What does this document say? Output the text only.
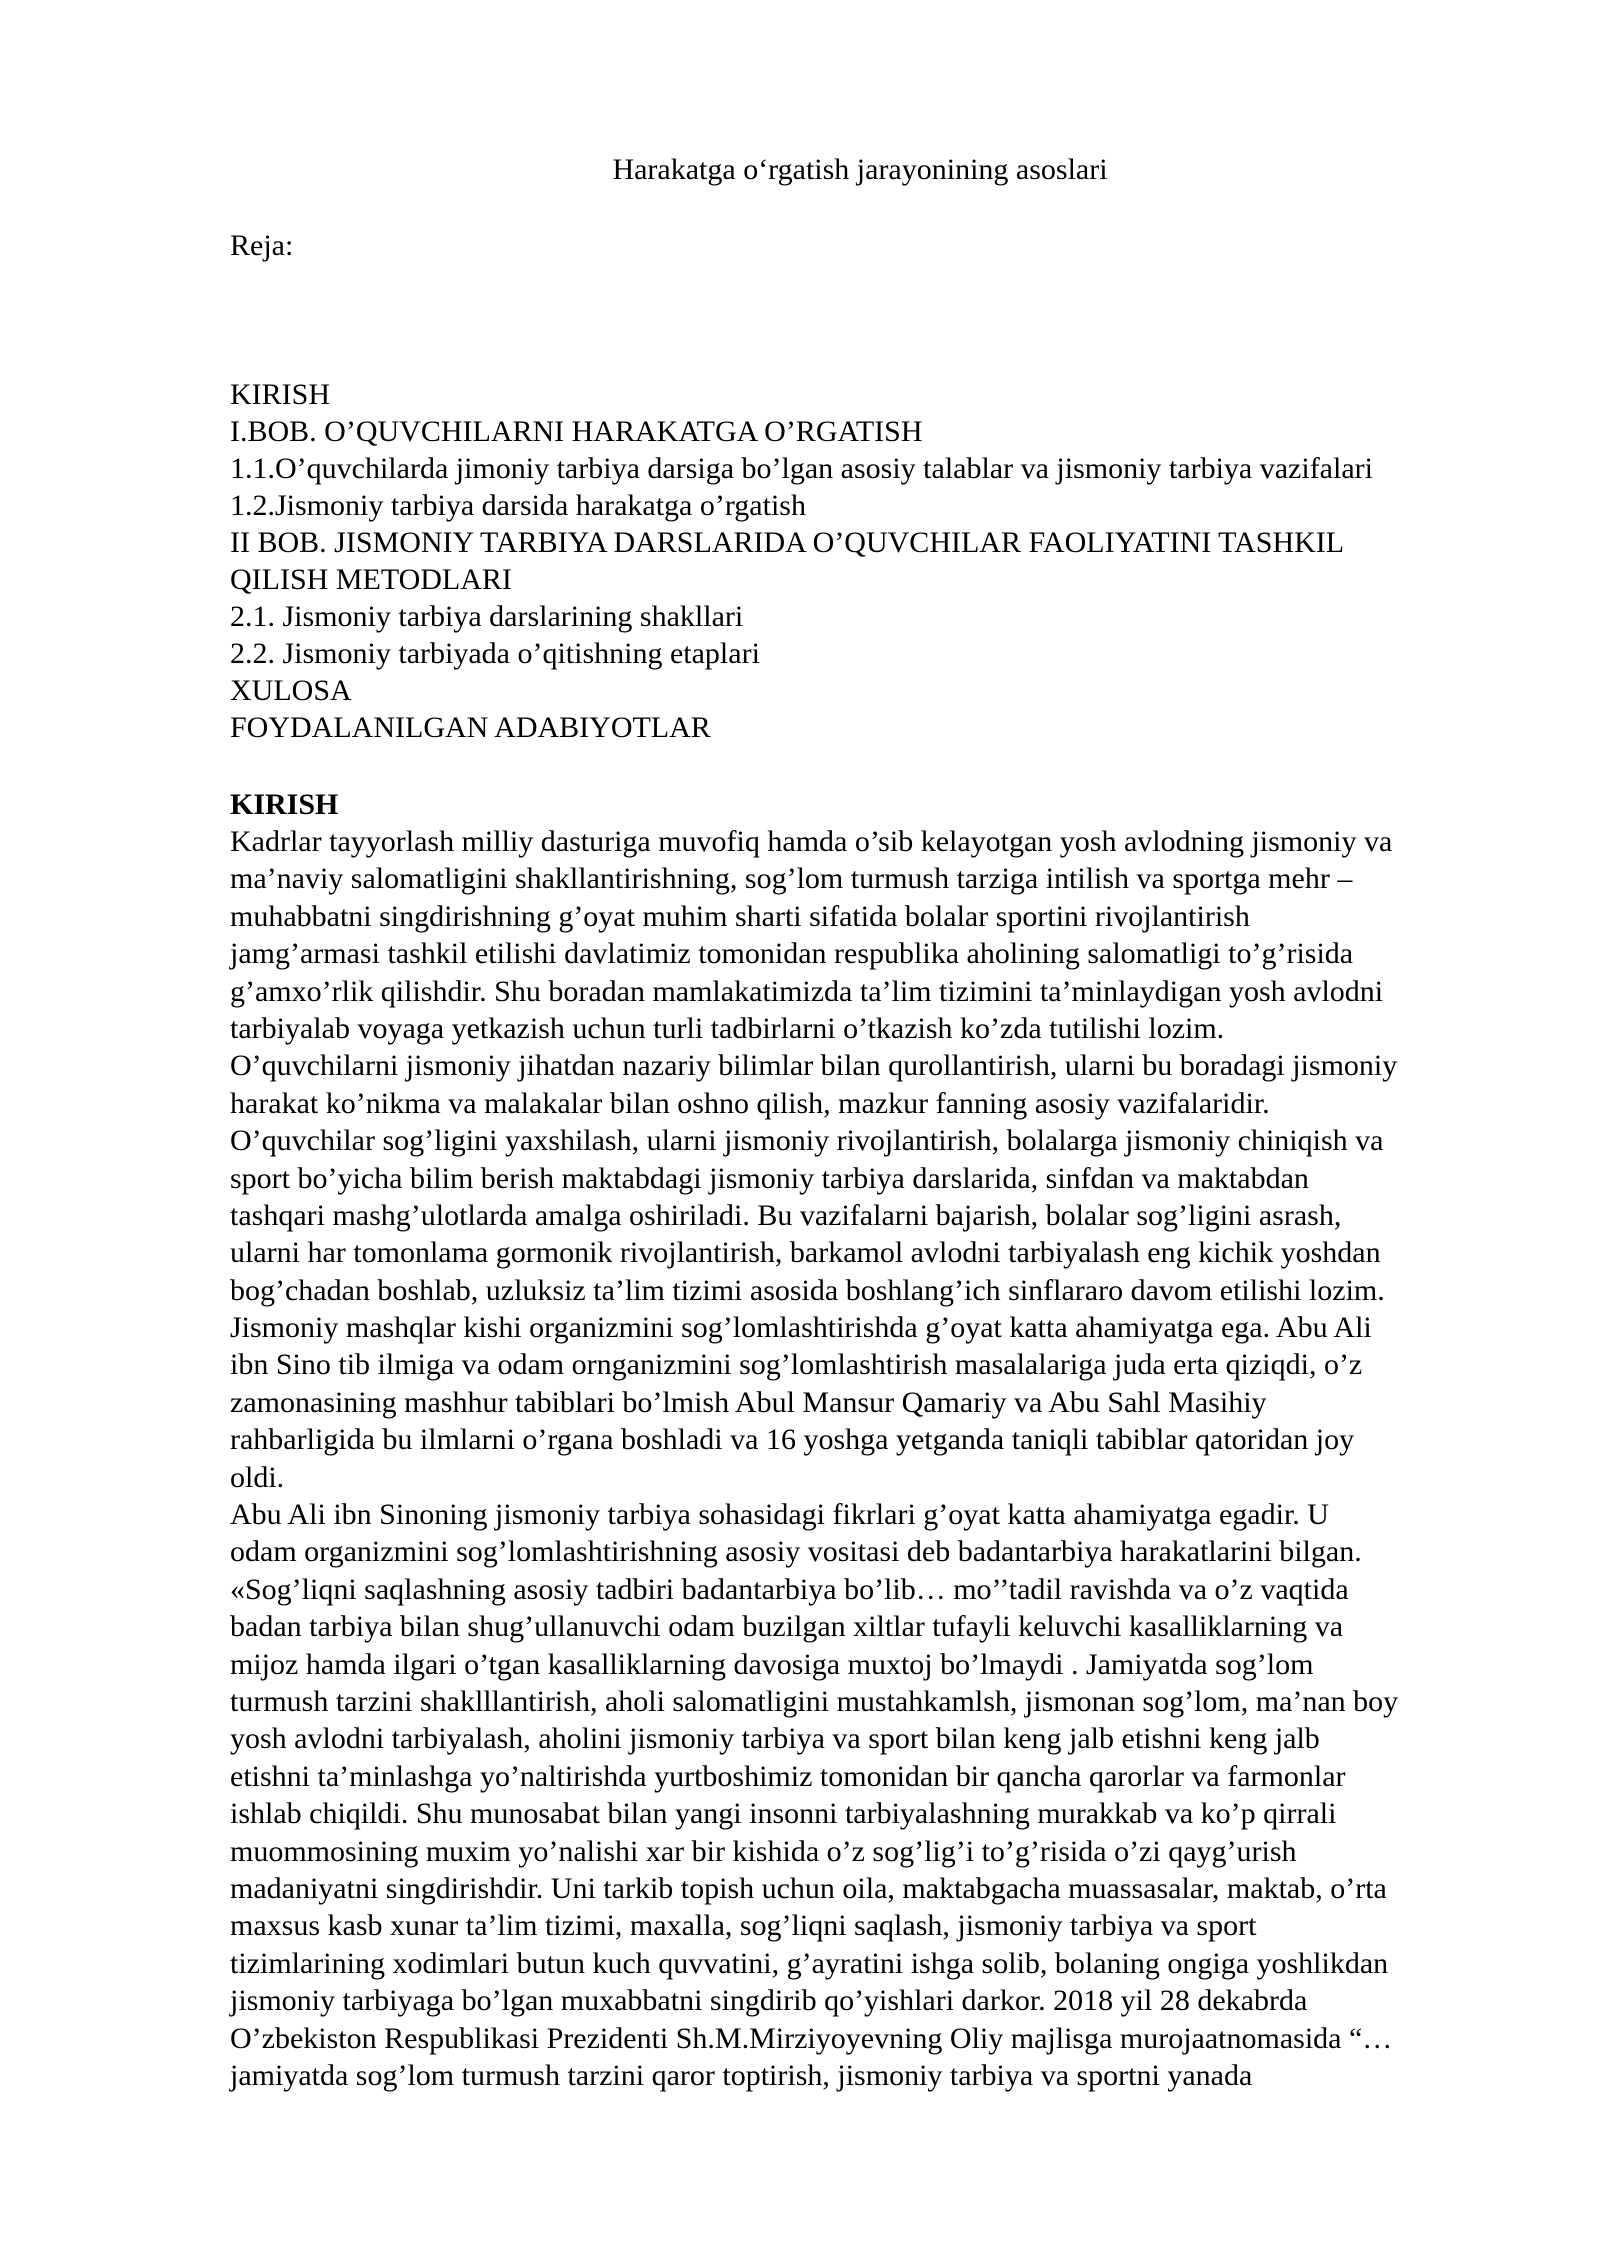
Harakatga o‘rgatish jarayonining asoslari
Reja:
KIRISH
I.BOB. O’QUVCHILARNI HARAKATGA O’RGATISH
1.1.O’quvchilarda jimoniy tarbiya darsiga bo’lgan asosiy talablar va jismoniy tarbiya vazifalari
1.2.Jismoniy tarbiya darsida harakatga o’rgatish
II BOB. JISMONIY TARBIYA DARSLARIDA O’QUVCHILAR FAOLIYATINI TASHKIL
QILISH METODLARI
2.1. Jismoniy tarbiya darslarining shakllari
2.2. Jismoniy tarbiyada o’qitishning etaplari
XULOSA
FOYDALANILGAN ADABIYOTLAR
KIRISH
Kadrlar tayyorlash milliy dasturiga muvofiq hamda o’sib kelayotgan yosh avlodning jismoniy va
ma’naviy salomatligini shakllantirishning, sog’lom turmush tarziga intilish va sportga mehr –
muhabbatni singdirishning g’oyat muhim sharti sifatida bolalar sportini rivojlantirish
jamg’armasi tashkil etilishi davlatimiz tomonidan respublika aholining salomatligi to’g’risida
g’amxo’rlik qilishdir. Shu boradan mamlakatimizda ta’lim tizimini ta’minlaydigan yosh avlodni
tarbiyalab voyaga yetkazish uchun turli tadbirlarni o’tkazish ko’zda tutilishi lozim.
O’quvchilarni jismoniy jihatdan nazariy bilimlar bilan qurollantirish, ularni bu boradagi jismoniy
harakat ko’nikma va malakalar bilan oshno qilish, mazkur fanning asosiy vazifalaridir.
O’quvchilar sog’ligini yaxshilash, ularni jismoniy rivojlantirish, bolalarga jismoniy chiniqish va
sport bo’yicha bilim berish maktabdagi jismoniy tarbiya darslarida, sinfdan va maktabdan
tashqari mashg’ulotlarda amalga oshiriladi. Bu vazifalarni bajarish, bolalar sog’ligini asrash,
ularni har tomonlama gormonik rivojlantirish, barkamol avlodni tarbiyalash eng kichik yoshdan
bog’chadan boshlab, uzluksiz ta’lim tizimi asosida boshlang’ich sinflararo davom etilishi lozim.
Jismoniy mashqlar kishi organizmini sog’lomlashtirishda g’oyat katta ahamiyatga ega. Abu Ali
ibn Sino tib ilmiga va odam ornganizmini sog’lomlashtirish masalalariga juda erta qiziqdi, o’z
zamonasining mashhur tabiblari bo’lmish Abul Mansur Qamariy va Abu Sahl Masihiy
rahbarligida bu ilmlarni o’rgana boshladi va 16 yoshga yetganda taniqli tabiblar qatoridan joy
oldi.
Abu Ali ibn Sinoning jismoniy tarbiya sohasidagi fikrlari g’oyat katta ahamiyatga egadir. U
odam organizmini sog’lomlashtirishning asosiy vositasi deb badantarbiya harakatlarini bilgan.
«Sog’liqni saqlashning asosiy tadbiri badantarbiya bo’lib… mo’’tadil ravishda va o’z vaqtida
badan tarbiya bilan shug’ullanuvchi odam buzilgan xiltlar tufayli keluvchi kasalliklarning va
mijoz hamda ilgari o’tgan kasalliklarning davosiga muxtoj bo’lmaydi . Jamiyatda sog’lom
turmush tarzini shaklllantirish, aholi salomatligini mustahkamlsh, jismonan sog’lom, ma’nan boy
yosh avlodni tarbiyalash, aholini jismoniy tarbiya va sport bilan keng jalb etishni keng jalb
etishni ta’minlashga yo’naltirishda yurtboshimiz tomonidan bir qancha qarorlar va farmonlar
ishlab chiqildi. Shu munosabat bilan yangi insonni tarbiyalashning murakkab va ko’p qirrali
muommosining muxim yo’nalishi xar bir kishida o’z sog’lig’i to’g’risida o’zi qayg’urish
madaniyatni singdirishdir. Uni tarkib topish uchun oila, maktabgacha muassasalar, maktab, o’rta
maxsus kasb xunar ta’lim tizimi, maxalla, sog’liqni saqlash, jismoniy tarbiya va sport
tizimlarining xodimlari butun kuch quvvatini, g’ayratini ishga solib, bolaning ongiga yoshlikdan
jismoniy tarbiyaga bo’lgan muxabbatni singdirib qo’yishlari darkor. 2018 yil 28 dekabrda
O’zbekiston Respublikasi Prezidenti Sh.M.Mirziyoyevning Oliy majlisga murojaatnomasida “…
jamiyatda sog’lom turmush tarzini qaror toptirish, jismoniy tarbiya va sportni yanada
